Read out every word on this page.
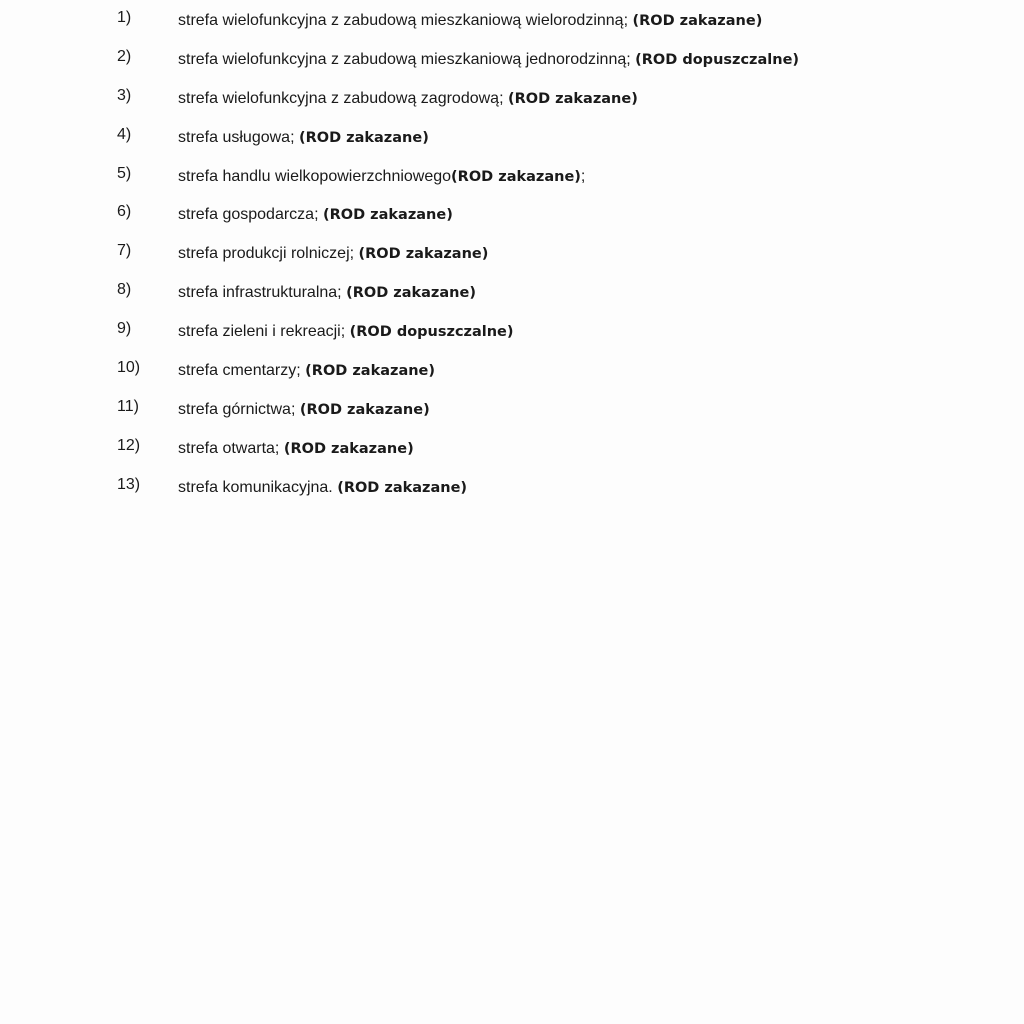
1)	strefa wielofunkcyjna z zabudową mieszkaniową wielorodzinną; (ROD zakazane)
2)	strefa wielofunkcyjna z zabudową mieszkaniową jednorodzinną; (ROD dopuszczalne)
3)	strefa wielofunkcyjna z zabudową zagrodową; (ROD zakazane)
4)	strefa usługowa; (ROD zakazane)
5)	strefa handlu wielkopowierzchniowego(ROD zakazane);
6)	strefa gospodarcza; (ROD zakazane)
7)	strefa produkcji rolniczej; (ROD zakazane)
8)	strefa infrastrukturalna; (ROD zakazane)
9)	strefa zieleni i rekreacji; (ROD dopuszczalne)
10) strefa cmentarzy; (ROD zakazane)
11) strefa górnictwa; (ROD zakazane)
12) strefa otwarta; (ROD zakazane)
13) strefa komunikacyjna. (ROD zakazane)
